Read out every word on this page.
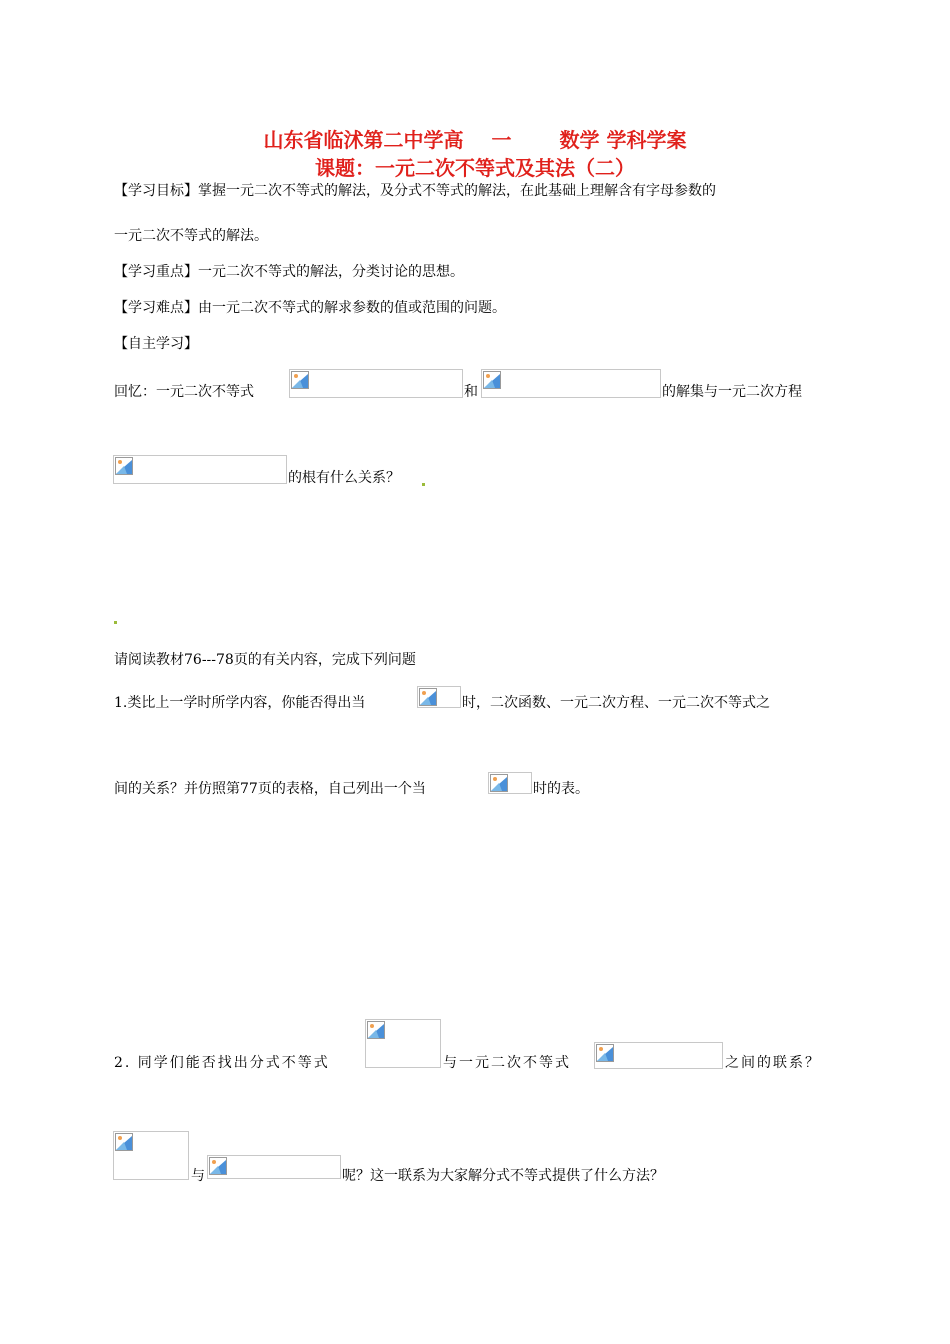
山东省临沭第二中学高 一 数学 学科学案
课题：一元二次不等式及其法（二）
【学习目标】掌握一元二次不等式的解法，及分式不等式的解法，在此基础上理解含有字母参数的
一元二次不等式的解法。
【学习重点】一元二次不等式的解法，分类讨论的思想。
【学习难点】由一元二次不等式的解求参数的值或范围的问题。
【自主学习】
回忆：一元二次不等式	和	的解集与一元二次方程
的根有什么关系？
请阅读教材76---78页的有关内容，完成下列问题
1.类比上一学时所学内容，你能否得出当	时，二次函数、一元二次方程、一元二次不等式之
间的关系？并仿照第77页的表格，自己列出一个当	时的表。
2. 同学们能否找出分式不等式	与一元二次不等式	之间的联系？
与	呢？这一联系为大家解分式不等式提供了什么方法？
